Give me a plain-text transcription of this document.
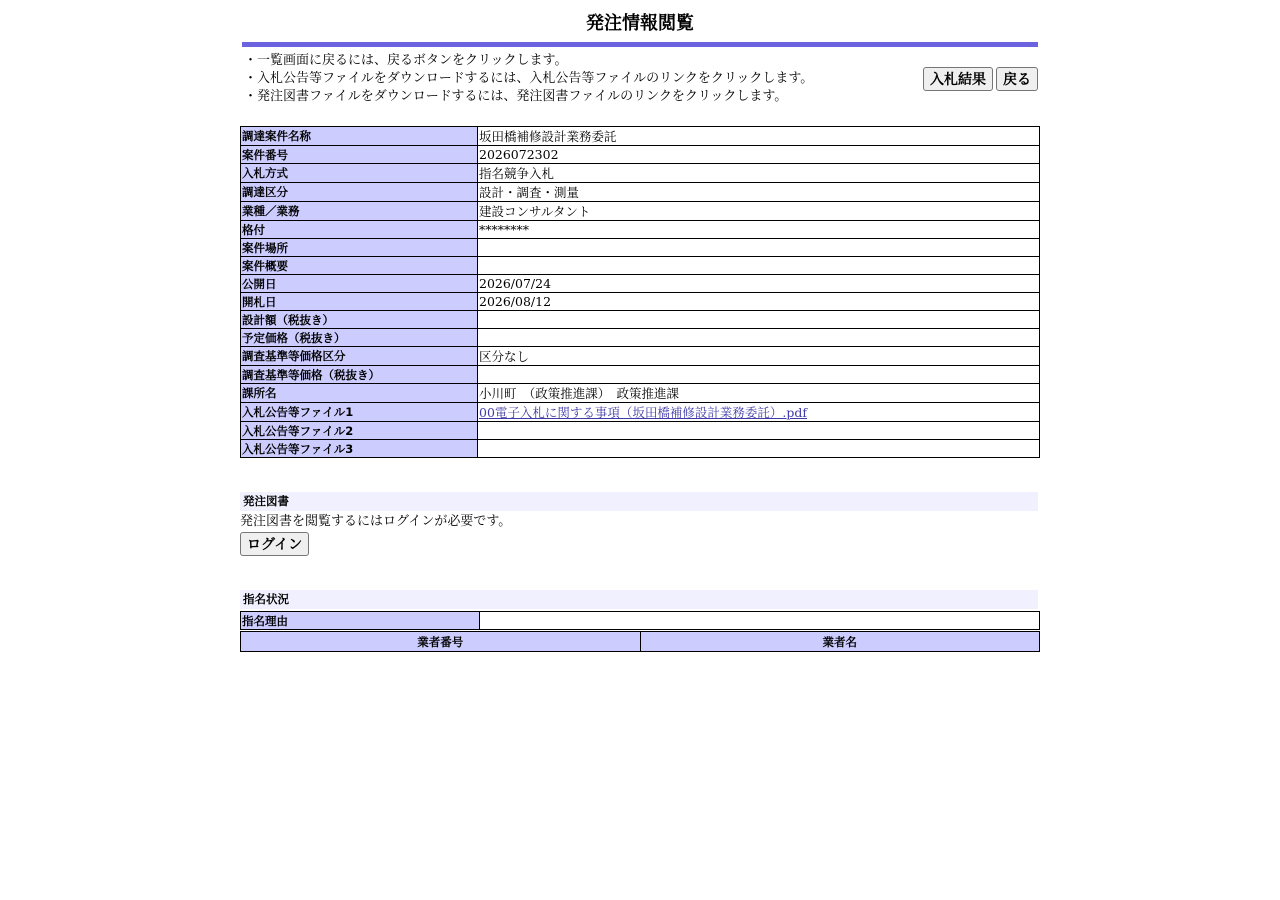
発注情報閲覧
・ 一覧画面に戻るには、戻るボタンをクリックします。
・ 入札公告等ファイルをダウンロードするには、入札公告等ファイルのリンクをクリックします。
・ 発注図書ファイルをダウンロードするには、発注図書ファイルのリンクをクリックします。
入札結果	戻る
調達案件名称	坂田橋補修設計業務委託
案件番号	2026072302
入札方式	指名競争入札
調達区分	設計・調査・測量
業種／業務	建設コンサルタント
格付	********
案件場所	
案件概要	
公開日	2026/07/24
開札日	2026/08/12
設計額（税抜き）	
予定価格（税抜き）	
調査基準等価格区分	区分なし
調査基準等価格（税抜き）	
課所名	小川町　（政策推進課）　政策推進課
入札公告等ファイル1	00電子入札に関する事項（坂田橋補修設計業務委託）.pdf
入札公告等ファイル2	
入札公告等ファイル3	
発注図書
発注図書を閲覧するにはログインが必要です。
ログイン
指名状況
指名理由	
業者番号	業者名
